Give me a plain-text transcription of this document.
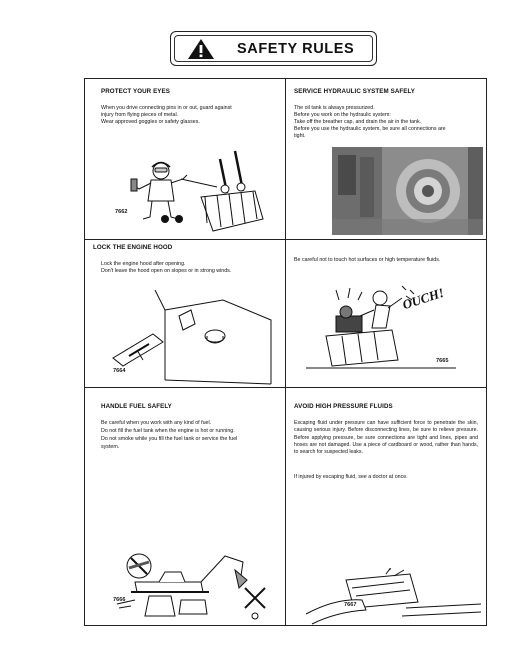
SAFETY RULES
PROTECT YOUR EYES
When you drive connecting pins in or out, guard against
injury from flying pieces of metal.
Wear approved goggles or safety glasses.
7662
SERVICE HYDRAULIC SYSTEM SAFELY
The oil tank is always pressurized.
Before you work on the hydraulic system:
Take off the breather cap, and drain the air in the tank.
Before you use the hydraulic system, be sure all connections are
tight.
LOCK THE ENGINE HOOD
Lock the engine hood after opening.
Don't leave the hood open on slopes or in strong winds.
7664
Be careful not to touch hot surfaces or high temperature fluids.
OUCH!
7665
HANDLE FUEL SAFELY
Be careful when you work with any kind of fuel.
Do not fill the fuel tank when the engine is hot or running.
Do not smoke while you fill the fuel tank or service the fuel
system.
7666
AVOID HIGH PRESSURE FLUIDS
Escaping fluid under pressure can have sufficient force to penetrate the skin, causing serious injury. Before disconnecting lines, be sure to relieve pressure. Before applying pressure, be sure connections are tight and lines, pipes and hoses are not damaged. Use a piece of cardboard or wood, rather than hands, to search for suspected leaks.
If injured by escaping fluid, see a doctor at once.
7667
